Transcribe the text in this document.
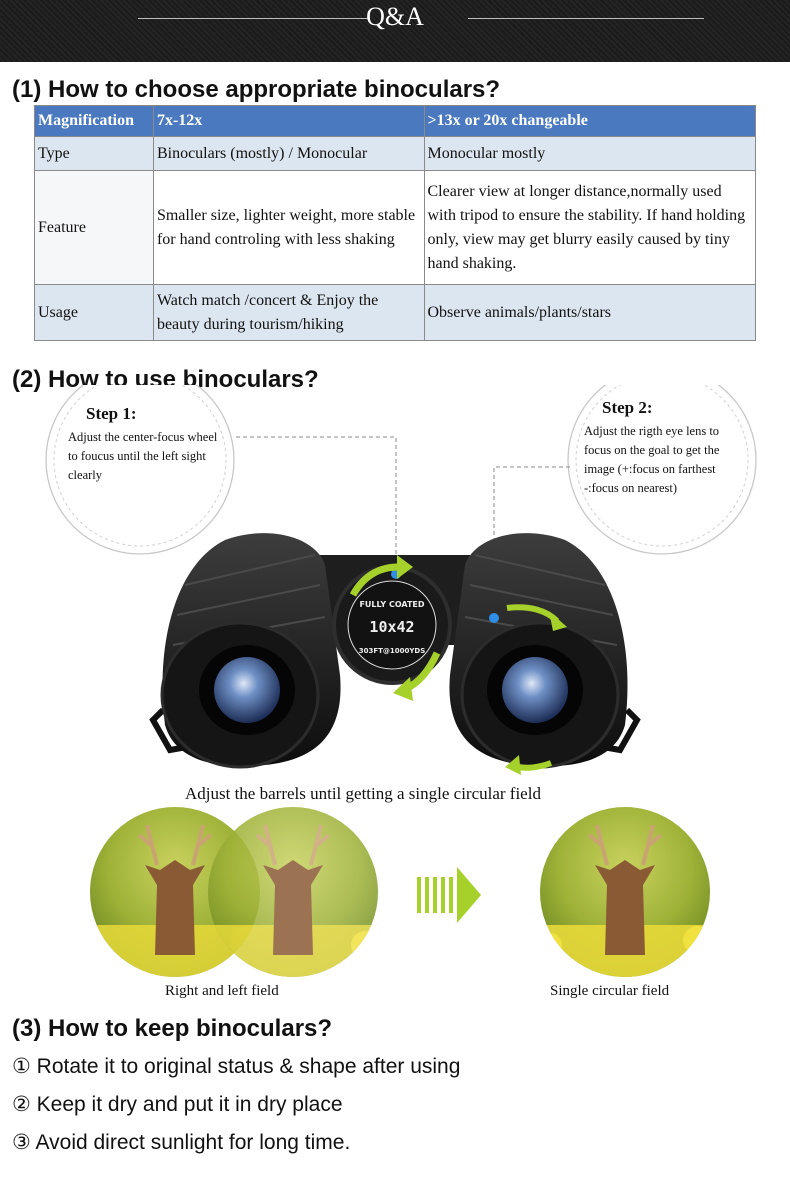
Q&A
(1) How to choose appropriate binoculars?
Magnification	7x-12x	>13x or 20x changeable
Type	Binoculars (mostly) / Monocular	Monocular mostly
Feature	Smaller size, lighter weight, more stable for hand controling with less shaking	Clearer view at longer distance,normally used with tripod to ensure the stability. If hand holding only, view may get blurry easily caused by tiny hand shaking.
Usage	Watch match /concert & Enjoy the beauty during tourism/hiking	Observe animals/plants/stars
(2) How to use binoculars?
Step 1:
Adjust the center-focus wheel to foucus until the left sight clearly
Step 2:
Adjust the rigth eye lens to focus on the goal to get the image (+:focus on farthest -:focus on nearest)
10x42
FULLY COATED
303FT@1000YDS
Adjust the barrels until getting a single circular field
Right and left field	Single circular field
(3) How to keep binoculars?
① Rotate it to original status & shape after using
② Keep it dry and put it in dry place
③ Avoid direct sunlight for long time.
